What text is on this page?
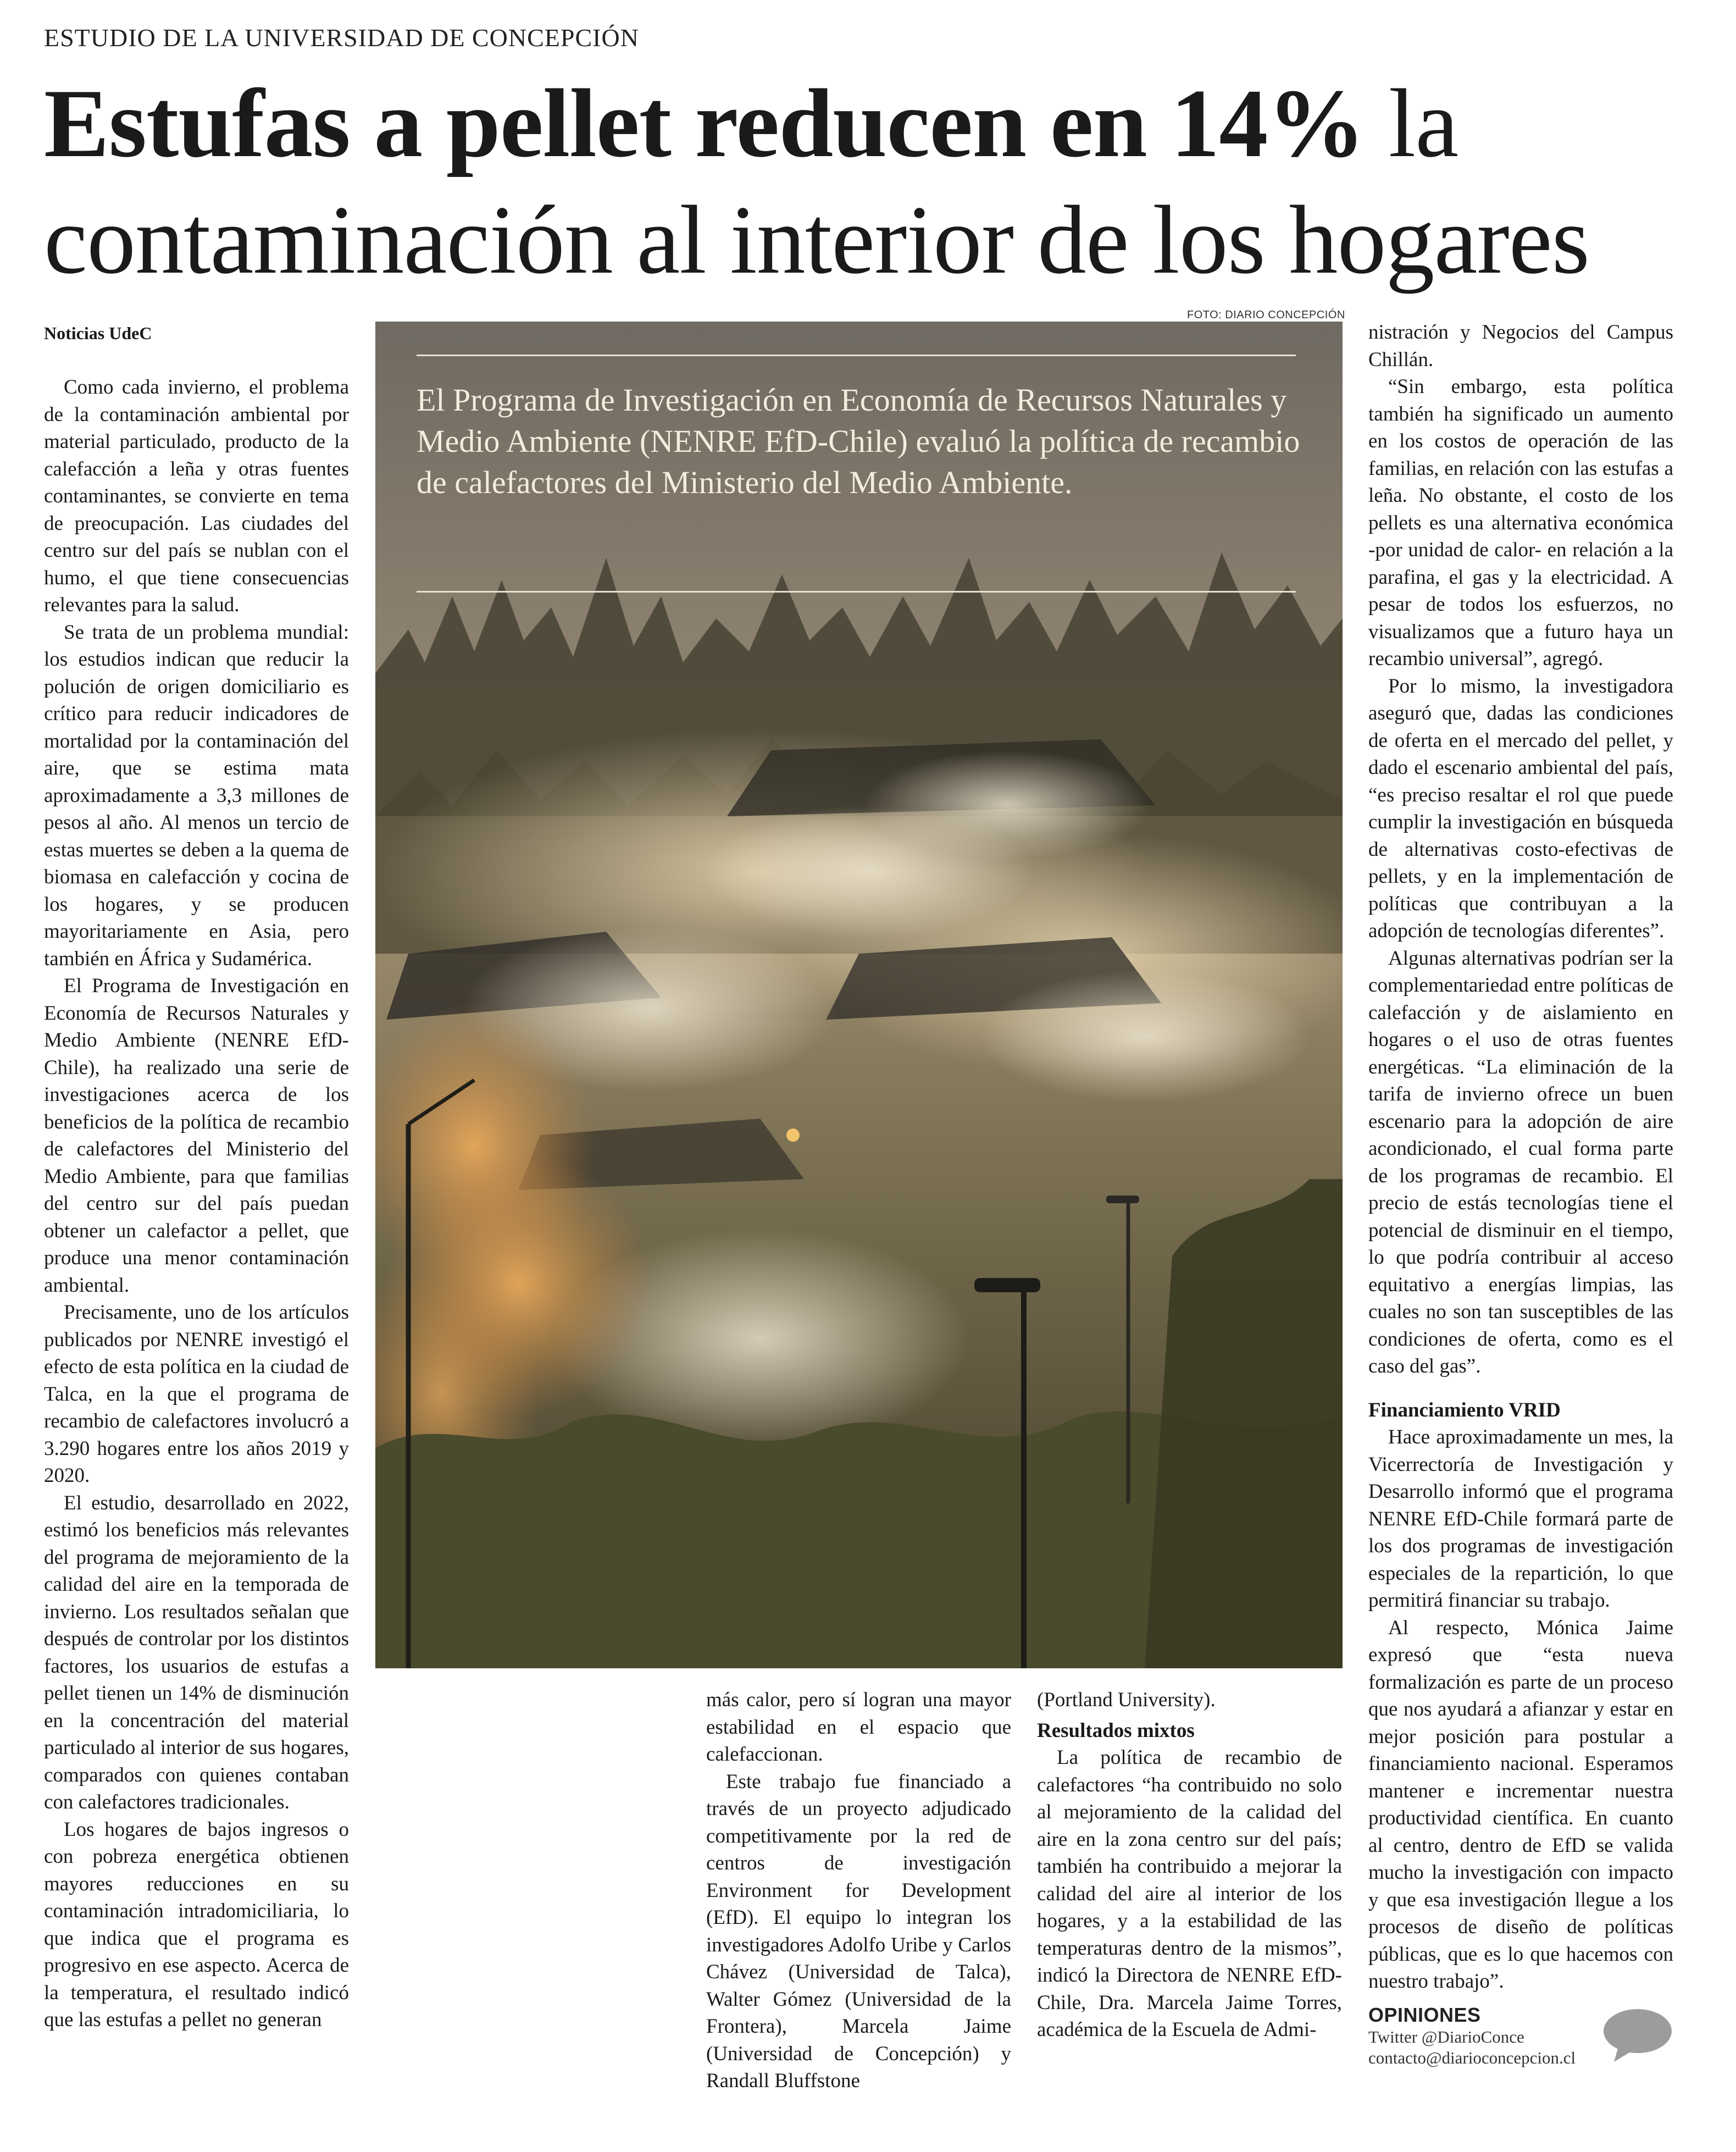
ESTUDIO DE LA UNIVERSIDAD DE CONCEPCIÓN
Estufas a pellet reducen en 14% la
contaminación al interior de los hogares
Noticias UdeC

Como cada invierno, el problema de la contaminación ambiental por material particulado, producto de la calefacción a leña y otras fuentes contaminantes, se convierte en tema de preocupación. Las ciudades del centro sur del país se nublan con el humo, el que tiene consecuencias relevantes para la salud.

Se trata de un problema mundial: los estudios indican que reducir la polución de origen domiciliario es crítico para reducir indicadores de mortalidad por la contaminación del aire, que se estima mata aproximadamente a 3,3 millones de pesos al año. Al menos un tercio de estas muertes se deben a la quema de biomasa en calefacción y cocina de los hogares, y se producen mayoritariamente en Asia, pero también en África y Sudamérica.

El Programa de Investigación en Economía de Recursos Naturales y Medio Ambiente (NENRE EfD-Chile), ha realizado una serie de investigaciones acerca de los beneficios de la política de recambio de calefactores del Ministerio del Medio Ambiente, para que familias del centro sur del país puedan obtener un calefactor a pellet, que produce una menor contaminación ambiental.

Precisamente, uno de los artículos publicados por NENRE investigó el efecto de esta política en la ciudad de Talca, en la que el programa de recambio de calefactores involucró a 3.290 hogares entre los años 2019 y 2020.

El estudio, desarrollado en 2022, estimó los beneficios más relevantes del programa de mejoramiento de la calidad del aire en la temporada de invierno. Los resultados señalan que después de controlar por los distintos factores, los usuarios de estufas a pellet tienen un 14% de disminución en la concentración del material particulado al interior de sus hogares, comparados con quienes contaban con calefactores tradicionales.

Los hogares de bajos ingresos o con pobreza energética obtienen mayores reducciones en su contaminación intradomiciliaria, lo que indica que el programa es progresivo en ese aspecto. Acerca de la temperatura, el resultado indicó que las estufas a pellet no generan

FOTO: DIARIO CONCEPCIÓN
El Programa de Investigación en Economía de Recursos Naturales y Medio Ambiente (NENRE EfD-Chile) evaluó la política de recambio de calefactores del Ministerio del Medio Ambiente.

más calor, pero sí logran una mayor estabilidad en el espacio que calefaccionan.

Este trabajo fue financiado a través de un proyecto adjudicado competitivamente por la red de centros de investigación Environment for Development (EfD). El equipo lo integran los investigadores Adolfo Uribe y Carlos Chávez (Universidad de Talca), Walter Gómez (Universidad de la Frontera), Marcela Jaime (Universidad de Concepción) y Randall Bluffstone

(Portland University).

Resultados mixtos

La política de recambio de calefactores “ha contribuido no solo al mejoramiento de la calidad del aire en la zona centro sur del país; también ha contribuido a mejorar la calidad del aire al interior de los hogares, y a la estabilidad de las temperaturas dentro de la mismos”, indicó la Directora de NENRE EfD-Chile, Dra. Marcela Jaime Torres, académica de la Escuela de Admi-

nistración y Negocios del Campus Chillán.

“Sin embargo, esta política también ha significado un aumento en los costos de operación de las familias, en relación con las estufas a leña. No obstante, el costo de los pellets es una alternativa económica -por unidad de calor- en relación a la parafina, el gas y la electricidad. A pesar de todos los esfuerzos, no visualizamos que a futuro haya un recambio universal”, agregó.

Por lo mismo, la investigadora aseguró que, dadas las condiciones de oferta en el mercado del pellet, y dado el escenario ambiental del país, “es preciso resaltar el rol que puede cumplir la investigación en búsqueda de alternativas costo-efectivas de pellets, y en la implementación de políticas que contribuyan a la adopción de tecnologías diferentes”.

Algunas alternativas podrían ser la complementariedad entre políticas de calefacción y de aislamiento en hogares o el uso de otras fuentes energéticas. “La eliminación de la tarifa de invierno ofrece un buen escenario para la adopción de aire acondicionado, el cual forma parte de los programas de recambio. El precio de estás tecnologías tiene el potencial de disminuir en el tiempo, lo que podría contribuir al acceso equitativo a energías limpias, las cuales no son tan susceptibles de las condiciones de oferta, como es el caso del gas”.

Financiamiento VRID

Hace aproximadamente un mes, la Vicerrectoría de Investigación y Desarrollo informó que el programa NENRE EfD-Chile formará parte de los dos programas de investigación especiales de la repartición, lo que permitirá financiar su trabajo.

Al respecto, Mónica Jaime expresó que “esta nueva formalización es parte de un proceso que nos ayudará a afianzar y estar en mejor posición para postular a financiamiento nacional. Esperamos mantener e incrementar nuestra productividad científica. En cuanto al centro, dentro de EfD se valida mucho la investigación con impacto y que esa investigación llegue a los procesos de diseño de políticas públicas, que es lo que hacemos con nuestro trabajo”.

OPINIONES
Twitter @DiarioConce
contacto@diarioconcepcion.cl
